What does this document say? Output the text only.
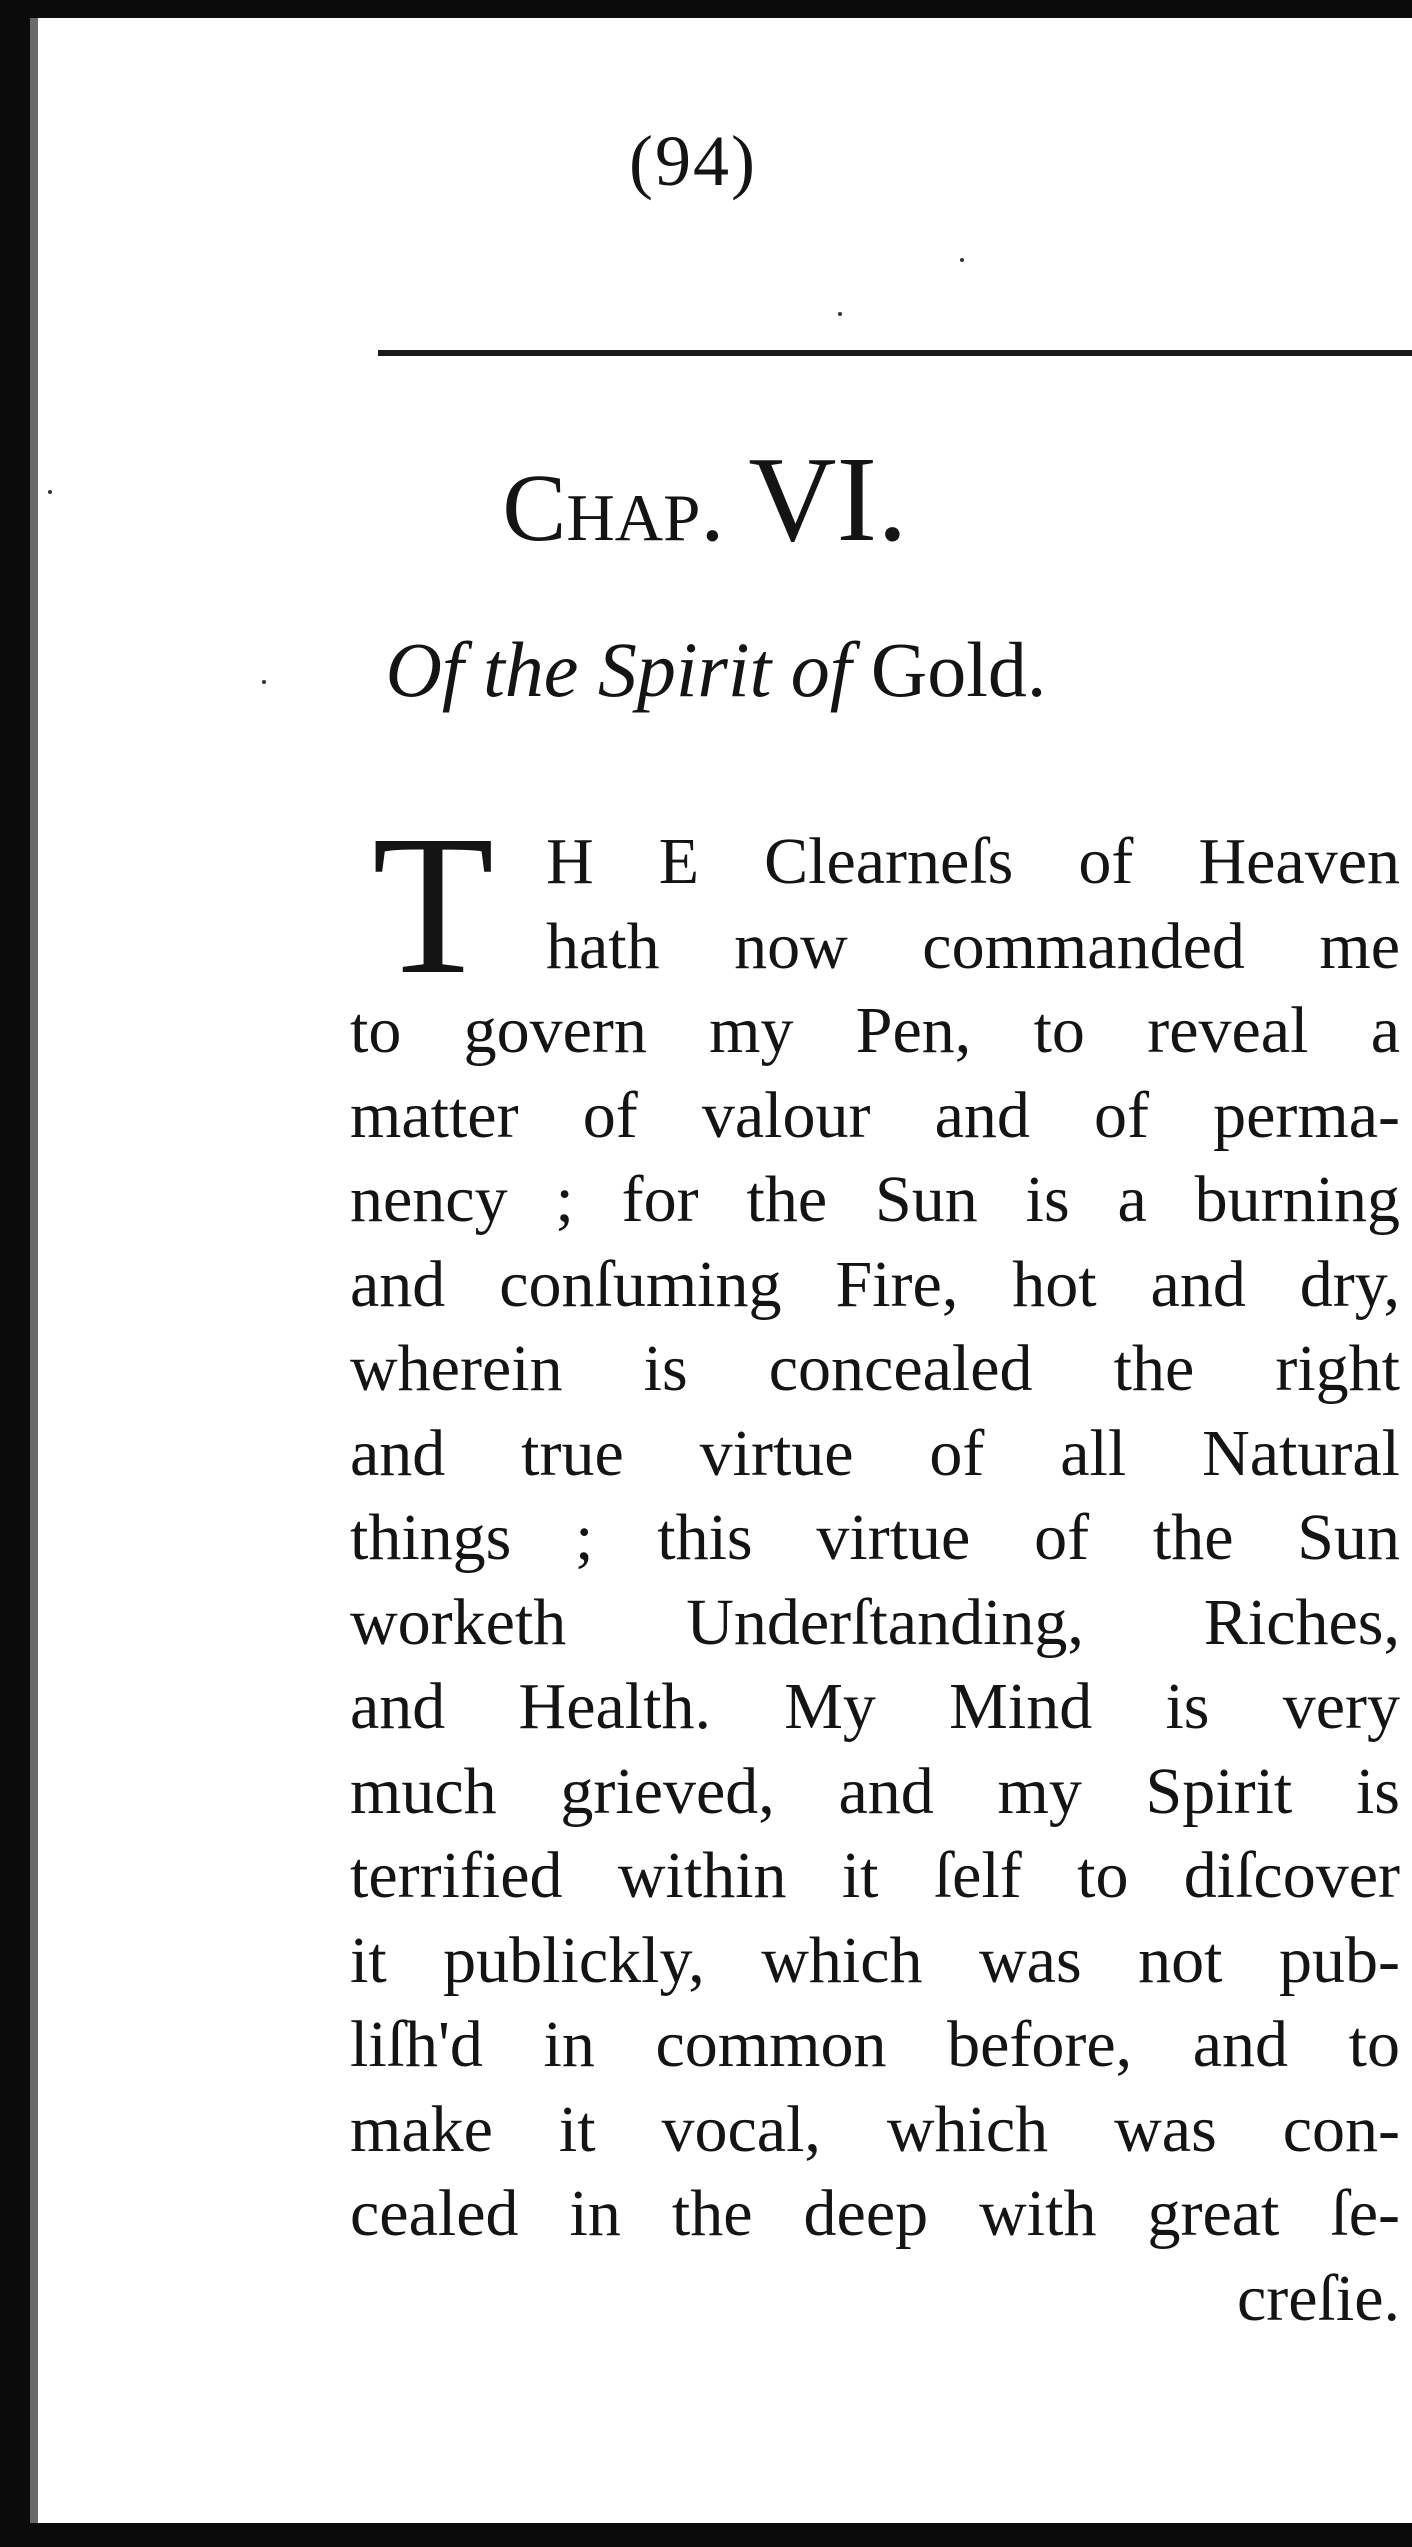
(94)
Chap. VI.
Of the Spirit of Gold.
T H E Clearneſs of Heaven
hath now commanded me
to govern my Pen, to reveal a
matter of valour and of perma-
nency ; for the Sun is a burning
and conſuming Fire, hot and dry,
wherein is concealed the right
and true virtue of all Natural
things ; this virtue of the Sun
worketh Underſtanding, Riches,
and Health. My Mind is very
much grieved, and my Spirit is
terrified within it ſelf to diſcover
it publickly, which was not pub-
liſh'd in common before, and to
make it vocal, which was con-
cealed in the deep with great ſe-
creſie.
